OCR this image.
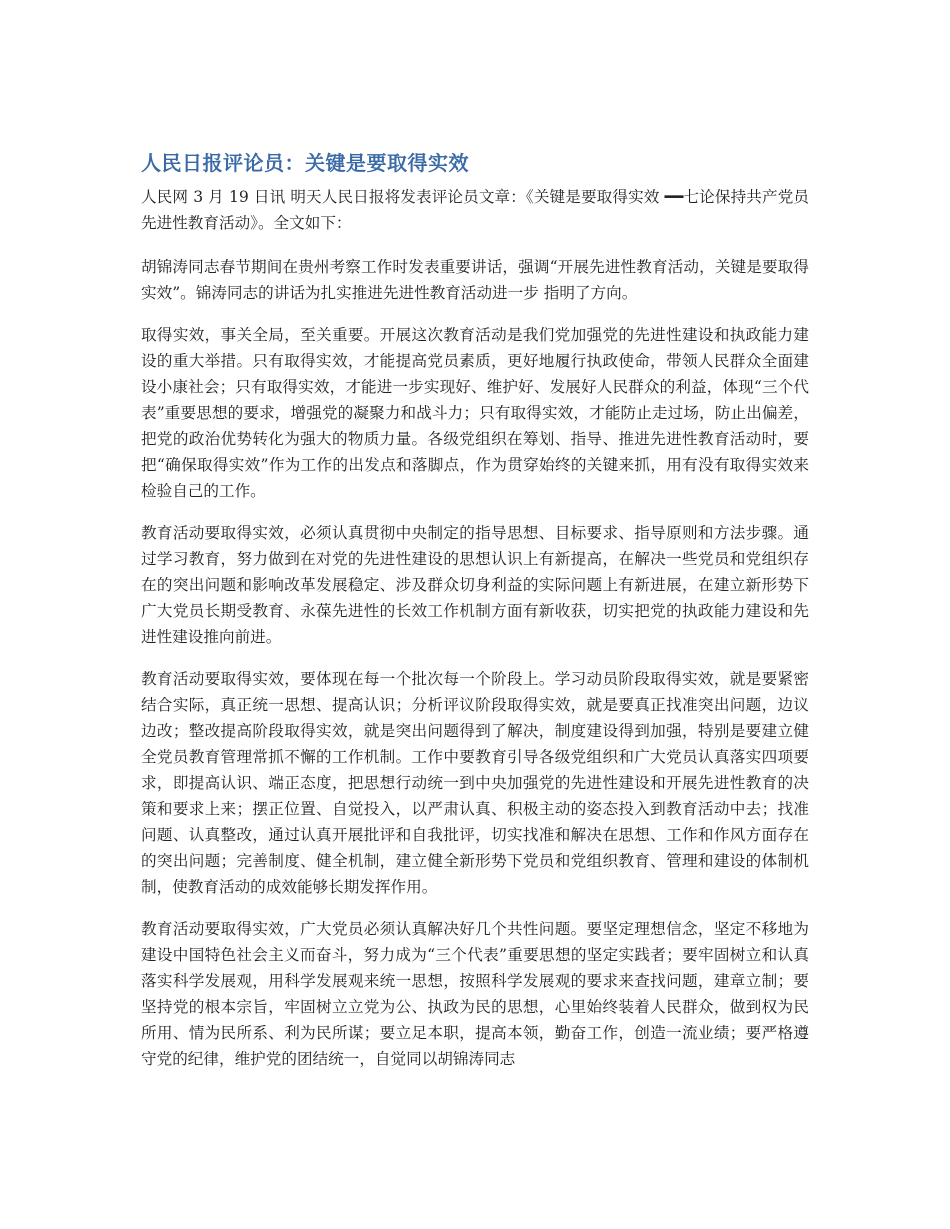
人民日报评论员：关键是要取得实效

人民网 3 月 19 日讯 明天人民日报将发表评论员文章：《关键是要取得实效 ━━七论保持共产党员先进性教育活动》。全文如下：

胡锦涛同志春节期间在贵州考察工作时发表重要讲话，强调“开展先进性教育活动，关键是要取得实效”。锦涛同志的讲话为扎实推进先进性教育活动进一步 指明了方向。

取得实效，事关全局，至关重要。开展这次教育活动是我们党加强党的先进性建设和执政能力建设的重大举措。只有取得实效，才能提高党员素质，更好地履行执政使命，带领人民群众全面建设小康社会；只有取得实效，才能进一步实现好、维护好、发展好人民群众的利益，体现“三个代表”重要思想的要求，增强党的凝聚力和战斗力；只有取得实效，才能防止走过场，防止出偏差，把党的政治优势转化为强大的物质力量。各级党组织在筹划、指导、推进先进性教育活动时，要把“确保取得实效”作为工作的出发点和落脚点，作为贯穿始终的关键来抓，用有没有取得实效来检验自己的工作。

教育活动要取得实效，必须认真贯彻中央制定的指导思想、目标要求、指导原则和方法步骤。通过学习教育，努力做到在对党的先进性建设的思想认识上有新提高，在解决一些党员和党组织存在的突出问题和影响改革发展稳定、涉及群众切身利益的实际问题上有新进展，在建立新形势下广大党员长期受教育、永葆先进性的长效工作机制方面有新收获，切实把党的执政能力建设和先进性建设推向前进。

教育活动要取得实效，要体现在每一个批次每一个阶段上。学习动员阶段取得实效，就是要紧密结合实际，真正统一思想、提高认识；分析评议阶段取得实效，就是要真正找准突出问题，边议边改；整改提高阶段取得实效，就是突出问题得到了解决，制度建设得到加强，特别是要建立健全党员教育管理常抓不懈的工作机制。工作中要教育引导各级党组织和广大党员认真落实四项要求，即提高认识、端正态度，把思想行动统一到中央加强党的先进性建设和开展先进性教育的决策和要求上来；摆正位置、自觉投入，以严肃认真、积极主动的姿态投入到教育活动中去；找准问题、认真整改，通过认真开展批评和自我批评，切实找准和解决在思想、工作和作风方面存在的突出问题；完善制度、健全机制，建立健全新形势下党员和党组织教育、管理和建设的体制机制，使教育活动的成效能够长期发挥作用。

教育活动要取得实效，广大党员必须认真解决好几个共性问题。要坚定理想信念，坚定不移地为建设中国特色社会主义而奋斗，努力成为“三个代表”重要思想的坚定实践者；要牢固树立和认真落实科学发展观，用科学发展观来统一思想，按照科学发展观的要求来查找问题，建章立制；要坚持党的根本宗旨，牢固树立立党为公、执政为民的思想，心里始终装着人民群众，做到权为民所用、情为民所系、利为民所谋；要立足本职，提高本领，勤奋工作，创造一流业绩；要严格遵守党的纪律，维护党的团结统一，自觉同以胡锦涛同志
